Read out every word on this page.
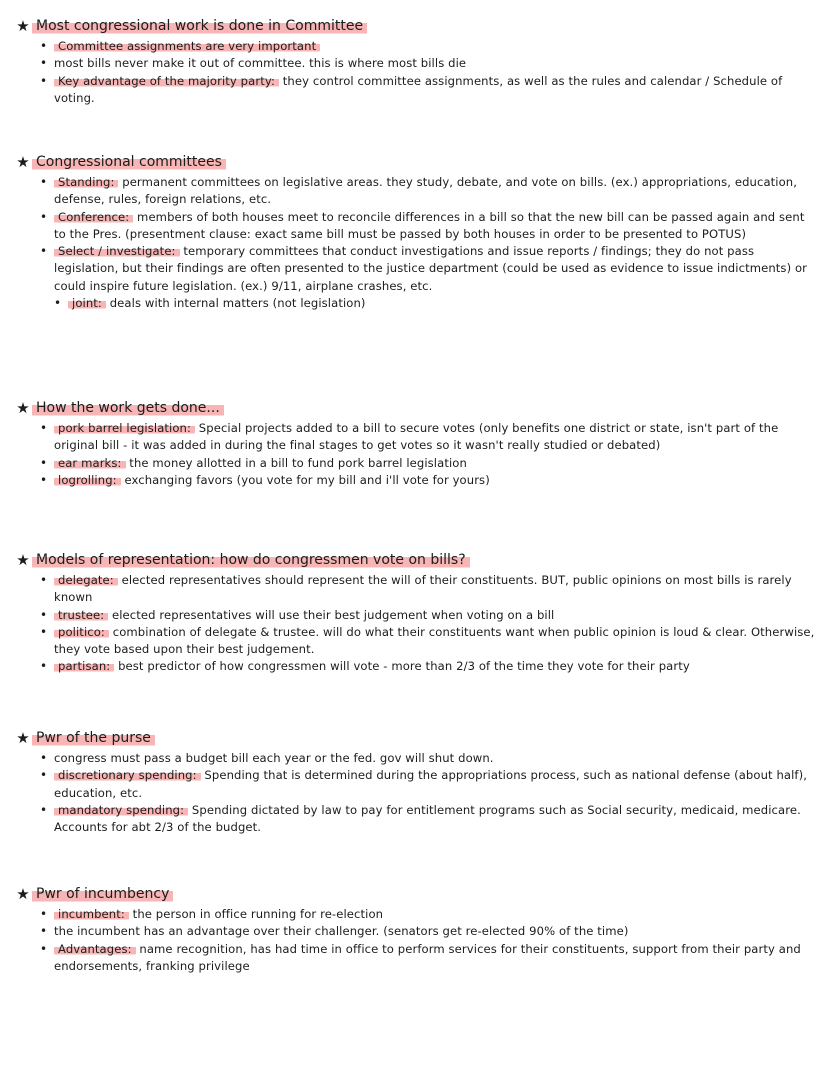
★ Most congressional work is done in Committee
• Committee assignments are very important
• most bills never make it out of committee. this is where most bills die
• Key advantage of the majority party: they control committee assignments, as well as the rules and calendar / Schedule of voting.
★ Congressional committees
• Standing: permanent committees on legislative areas. they study, debate, and vote on bills. (ex.) appropriations, education, defense, rules, foreign relations, etc.
• Conference: members of both houses meet to reconcile differences in a bill so that the new bill can be passed again and sent to the Pres. (presentment clause: exact same bill must be passed by both houses in order to be presented to POTUS)
• Select / investigate: temporary committees that conduct investigations and issue reports / findings; they do not pass legislation, but their findings are often presented to the justice department (could be used as evidence to issue indictments) or could inspire future legislation. (ex.) 9/11, airplane crashes, etc.
• joint: deals with internal matters (not legislation)
★ How the work gets done...
• pork barrel legislation: Special projects added to a bill to secure votes (only benefits one district or state, isn't part of the original bill - it was added in during the final stages to get votes so it wasn't really studied or debated)
• ear marks: the money allotted in a bill to fund pork barrel legislation
• logrolling: exchanging favors (you vote for my bill and i'll vote for yours)
★ Models of representation: how do congressmen vote on bills?
• delegate: elected representatives should represent the will of their constituents. BUT, public opinions on most bills is rarely known
• trustee: elected representatives will use their best judgement when voting on a bill
• politico: combination of delegate & trustee. will do what their constituents want when public opinion is loud & clear. Otherwise, they vote based upon their best judgement.
• partisan: best predictor of how congressmen will vote - more than 2/3 of the time they vote for their party
★ Pwr of the purse
• congress must pass a budget bill each year or the fed. gov will shut down.
• discretionary spending: Spending that is determined during the appropriations process, such as national defense (about half), education, etc.
• mandatory spending: Spending dictated by law to pay for entitlement programs such as Social security, medicaid, medicare. Accounts for abt 2/3 of the budget.
★ Pwr of incumbency
• incumbent: the person in office running for re-election
• the incumbent has an advantage over their challenger. (senators get re-elected 90% of the time)
• Advantages: name recognition, has had time in office to perform services for their constituents, support from their party and endorsements, franking privilege
